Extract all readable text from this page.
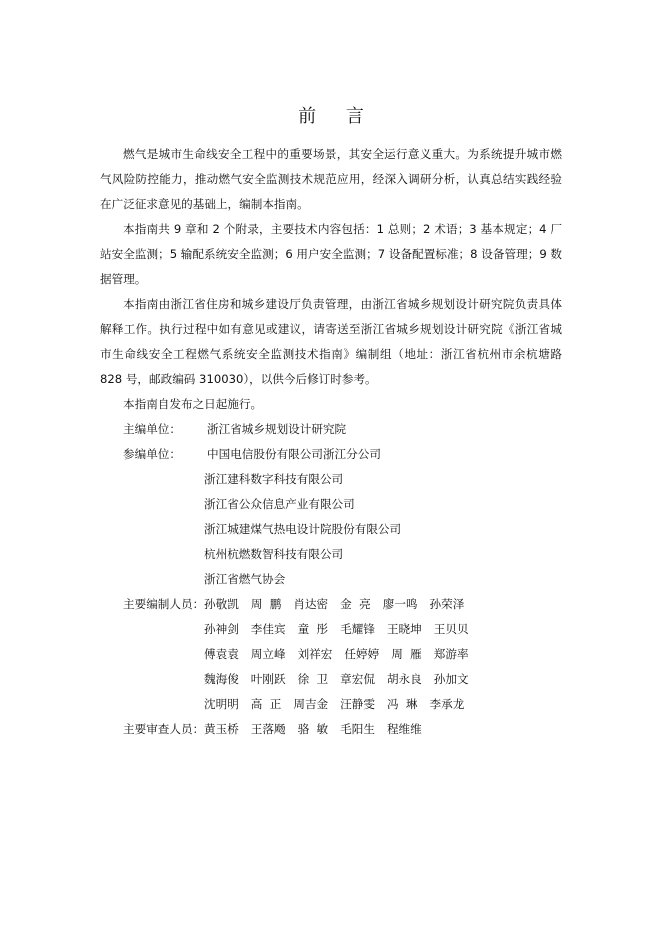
前 言

燃气是城市生命线安全工程中的重要场景，其安全运行意义重大。为系统提升城市燃气风险防控能力，推动燃气安全监测技术规范应用，经深入调研分析，认真总结实践经验在广泛征求意见的基础上，编制本指南。

本指南共 9 章和 2 个附录，主要技术内容包括：1 总则；2 术语；3 基本规定；4 厂站安全监测；5 输配系统安全监测；6 用户安全监测；7 设备配置标准；8 设备管理；9 数据管理。

本指南由浙江省住房和城乡建设厅负责管理，由浙江省城乡规划设计研究院负责具体解释工作。执行过程中如有意见或建议，请寄送至浙江省城乡规划设计研究院《浙江省城市生命线安全工程燃气系统安全监测技术指南》编制组（地址：浙江省杭州市余杭塘路 828 号，邮政编码 310030），以供今后修订时参考。

本指南自发布之日起施行。

主编单位：	浙江省城乡规划设计研究院
参编单位：	中国电信股份有限公司浙江分公司
浙江建科数字科技有限公司
浙江省公众信息产业有限公司
浙江城建煤气热电设计院股份有限公司
杭州杭燃数智科技有限公司
浙江省燃气协会
主要编制人员： 孙敬凯 周  鹏 肖达密 金  亮 廖一鸣 孙荣泽
孙神剑 李佳宾 童  彤 毛耀锋 王晓坤 王贝贝
傅袁袁 周立峰 刘祥宏 任婷婷 周  雁 郑游率
魏海俊 叶刚跃 徐  卫 章宏侃 胡永良 孙加文
沈明明 高  正 周吉金 汪静雯 冯  琳 李承龙
主要审查人员： 黄玉桥 王落飏 骆  敏 毛阳生 程维维
